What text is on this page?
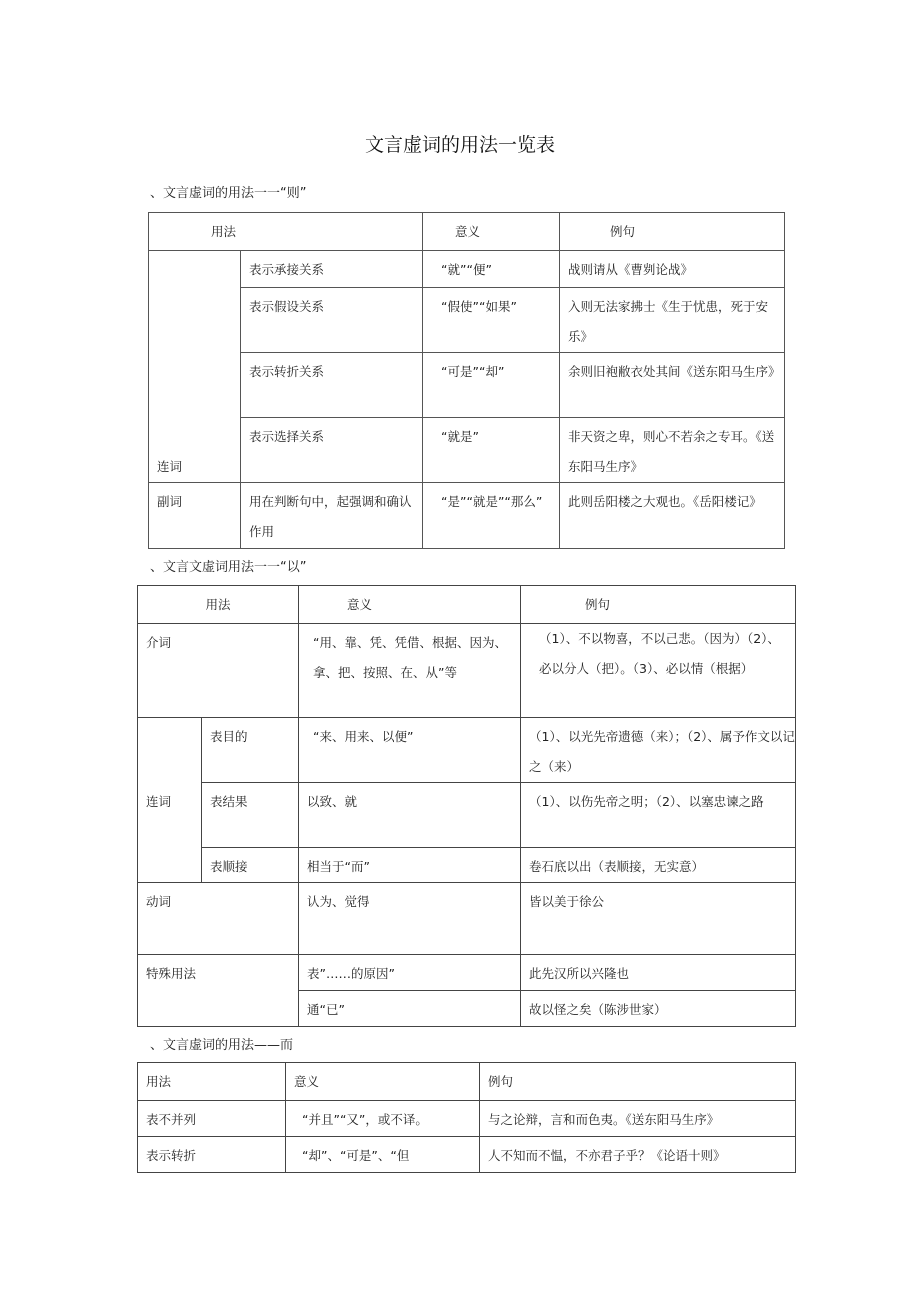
文言虚词的用法一览表
、文言虚词的用法一一“则”
用法		意义	例句
连词	表示承接关系	“就”“便”	战则请从《曹刿论战》
	表示假设关系	“假使”“如果”	入则无法家拂士《生于忧患，死于安乐》
	表示转折关系	“可是”“却”	余则旧袍敝衣处其间《送东阳马生序》
	表示选择关系	“就是”	非天资之卑，则心不若余之专耳。《送东阳马生序》
副词	用在判断句中，起强调和确认作用	“是”“就是”“那么”	此则岳阳楼之大观也。《岳阳楼记》
、文言文虚词用法一一“以”
用法		意义	例句
介词		“用、靠、凭、凭借、根据、因为、拿、把、按照、在、从”等	（1）、不以物喜，不以己悲。（因为）（2）、必以分人（把）。（3）、必以情（根据）
连词	表目的	“来、用来、以便”	（1）、以光先帝遗德（来）；（2）、属予作文以记之（来）
	表结果	以致、就	（1）、以伤先帝之明；（2）、以塞忠谏之路
	表顺接	相当于“而”	卷石底以出（表顺接，无实意）
动词		认为、觉得	皆以美于徐公
特殊用法		表”……的原因”	此先汉所以兴隆也
		通“已”	故以怪之矣（陈涉世家）
、文言虚词的用法——而
用法	意义	例句
表不并列	“并且”“又”，或不译。	与之论辩，言和而色夷。《送东阳马生序》
表示转折	“却”、“可是”、“但	人不知而不愠，不亦君子乎？《论语十则》
